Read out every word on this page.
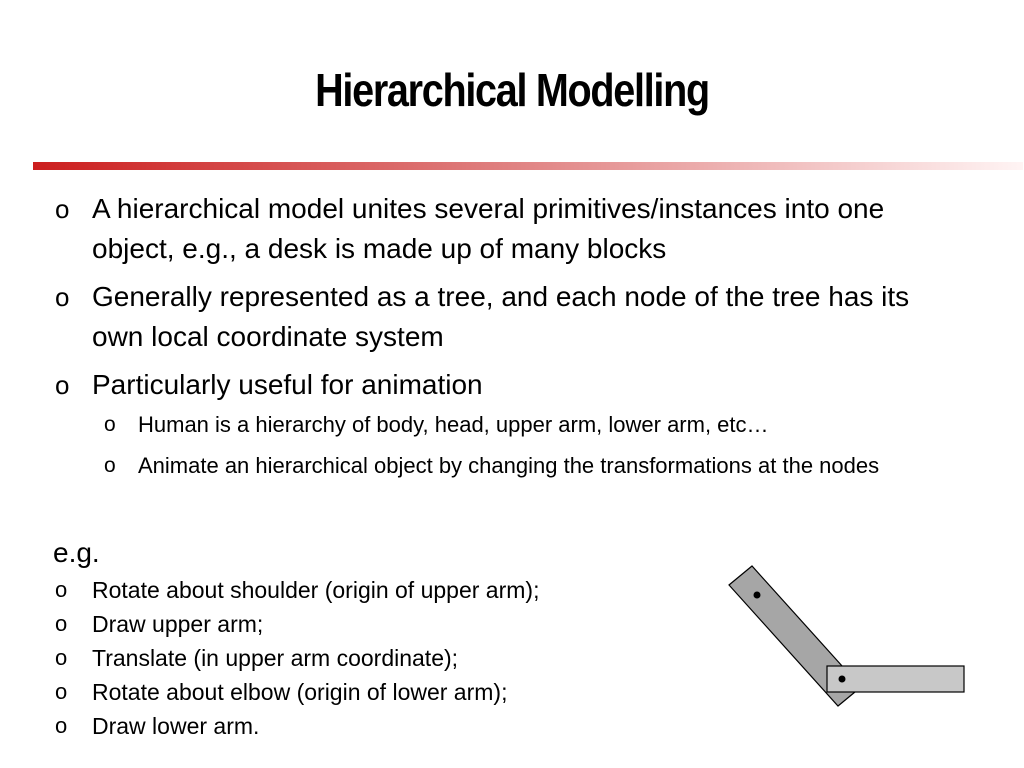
Hierarchical Modelling
o A hierarchical model unites several primitives/instances into one object, e.g., a desk is made up of many blocks
o Generally represented as a tree, and each node of the tree has its own local coordinate system
o Particularly useful for animation
o Human is a hierarchy of body, head, upper arm, lower arm, etc…
o Animate an hierarchical object by changing the transformations at the nodes
e.g.
o Rotate about shoulder (origin of upper arm);
o Draw upper arm;
o Translate (in upper arm coordinate);
o Rotate about elbow (origin of lower arm);
o Draw lower arm.
